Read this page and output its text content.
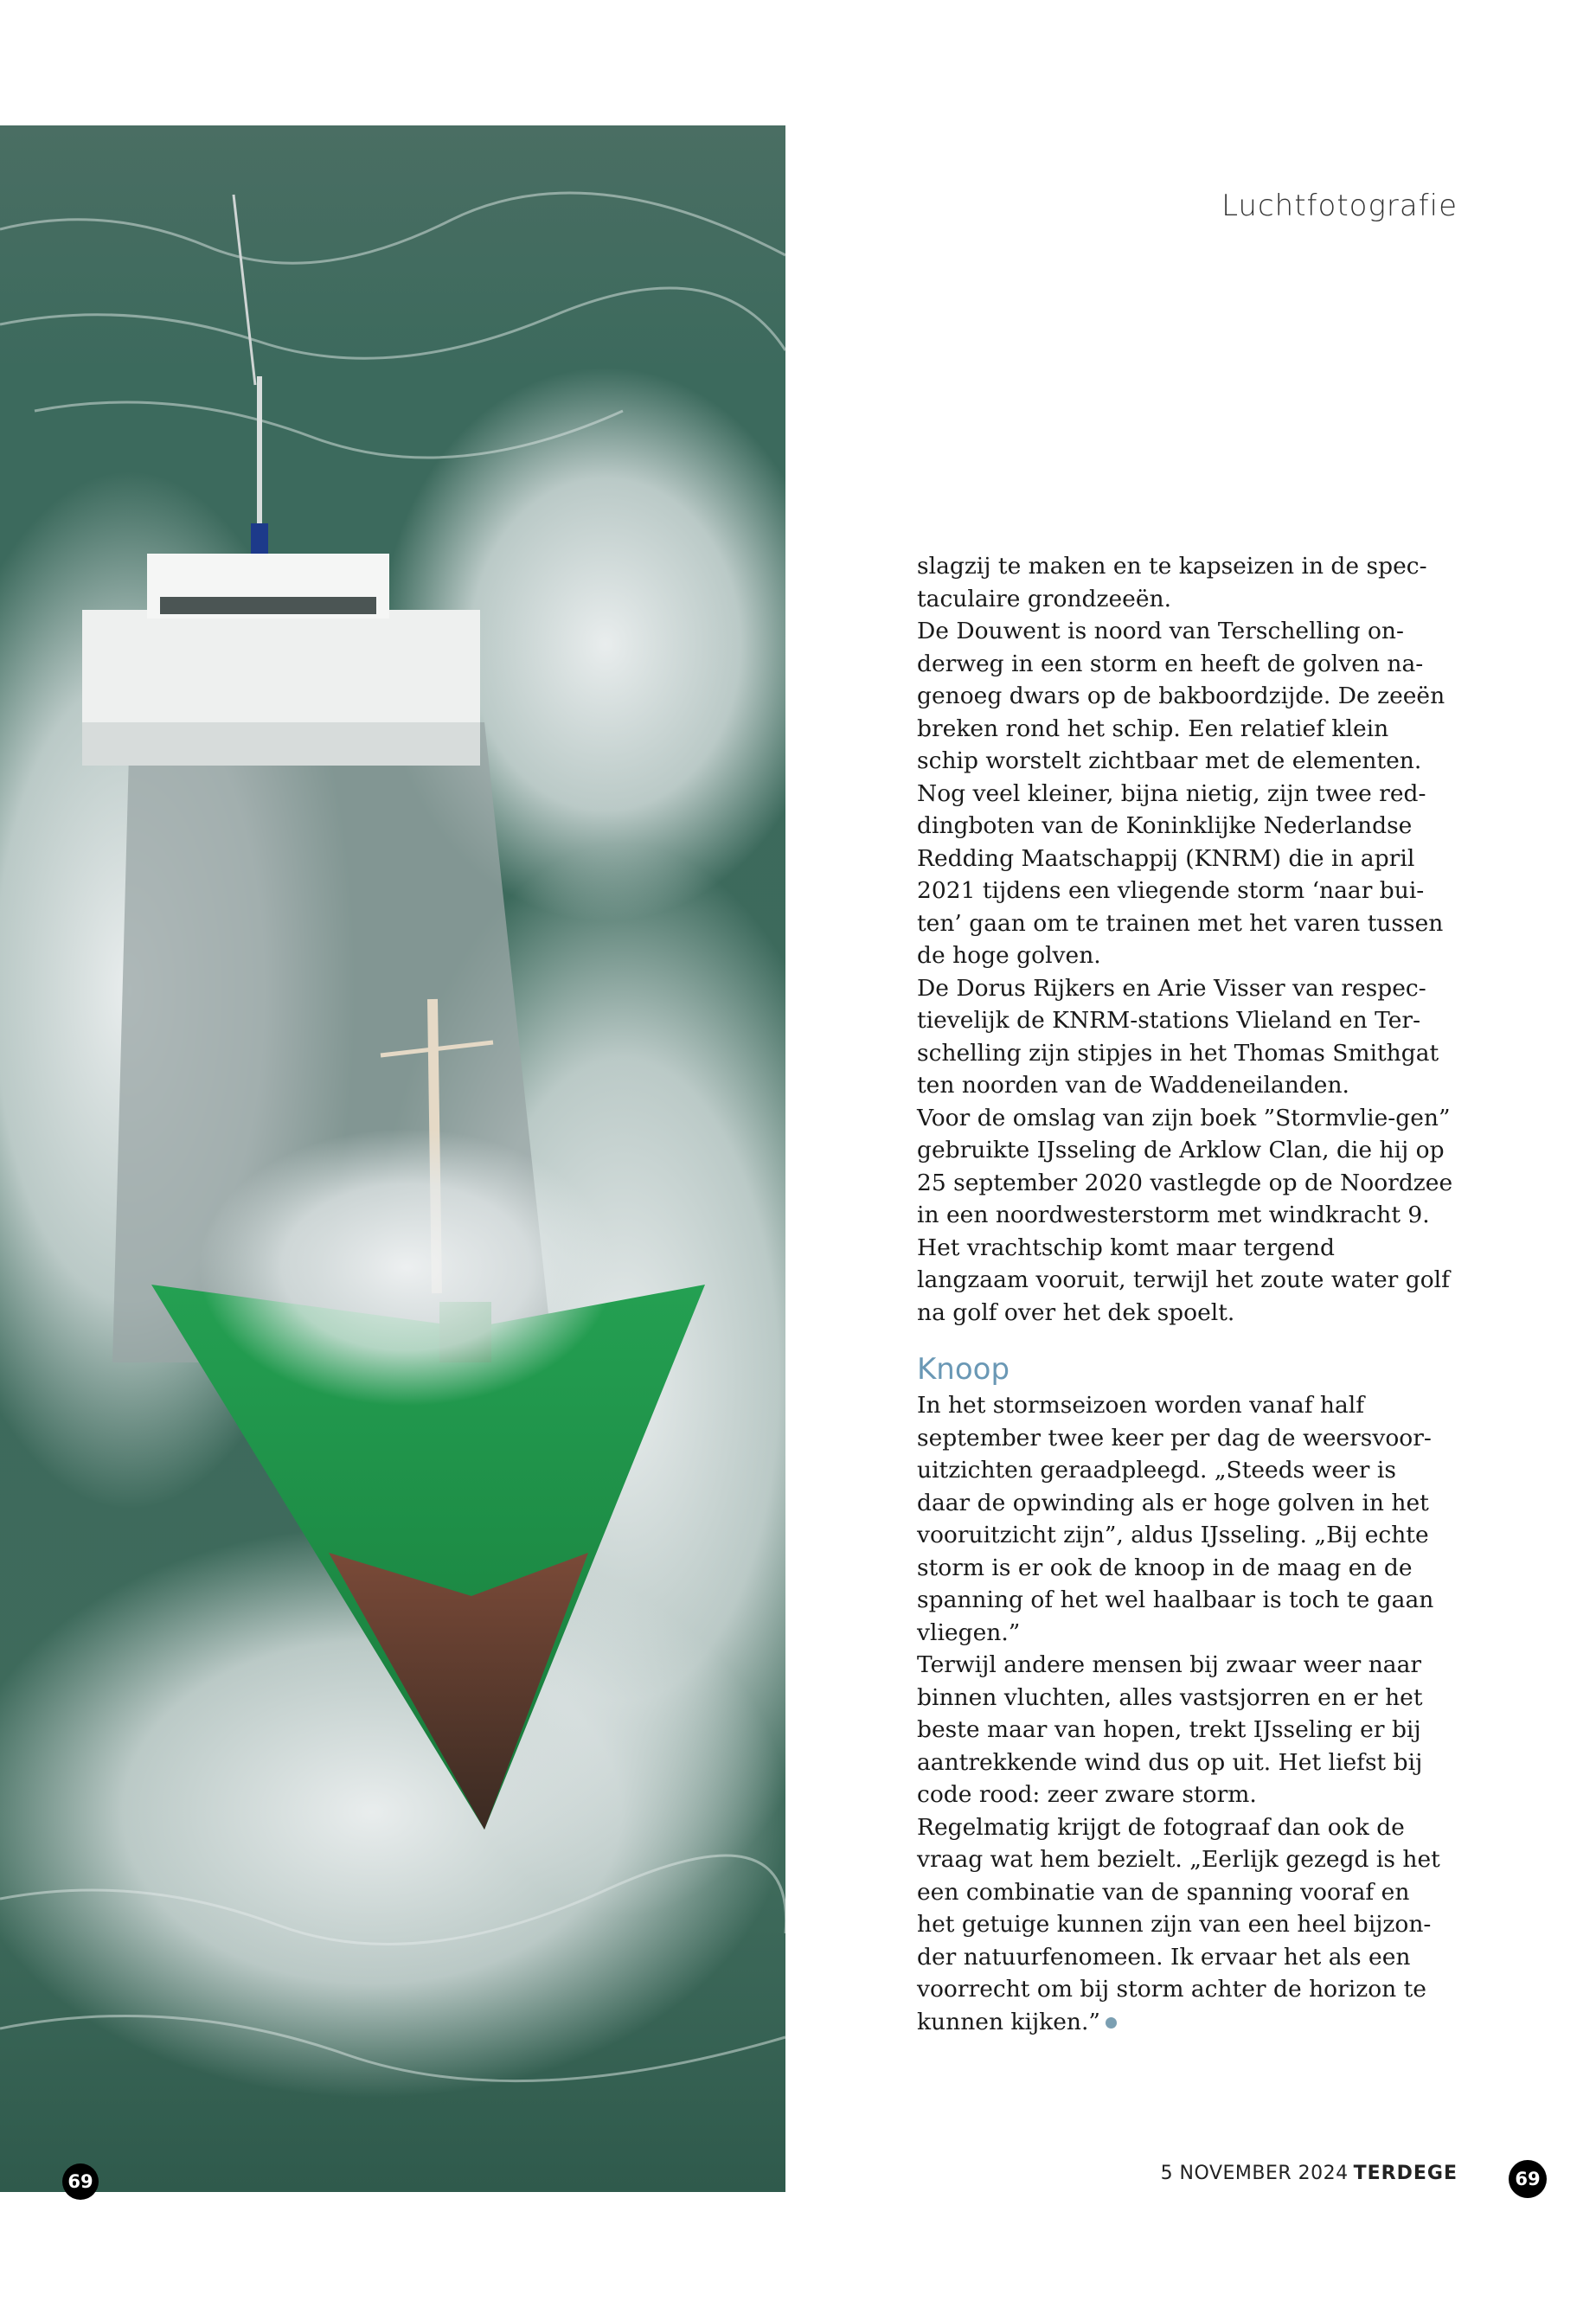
Luchtfotografie

slagzij te maken en te kapseizen in de spec-taculaire grondzeeën.

De Douwent is noord van Terschelling on-derweg in een storm en heeft de golven na-genoeg dwars op de bakboordzijde. De zeeën breken rond het schip. Een relatief klein schip worstelt zichtbaar met de elementen. Nog veel kleiner, bijna nietig, zijn twee red-dingboten van de Koninklijke Nederlandse Redding Maatschappij (KNRM) die in april 2021 tijdens een vliegende storm ‘naar bui-ten’ gaan om te trainen met het varen tussen de hoge golven.

De Dorus Rijkers en Arie Visser van respec-tievelijk de KNRM-stations Vlieland en Ter-schelling zijn stipjes in het Thomas Smithgat ten noorden van de Waddeneilanden.

Voor de omslag van zijn boek ”Stormvlie-gen” gebruikte IJsseling de Arklow Clan, die hij op 25 september 2020 vastlegde op de Noordzee in een noordwesterstorm met windkracht 9. Het vrachtschip komt maar tergend langzaam vooruit, terwijl het zoute water golf na golf over het dek spoelt.

Knoop

In het stormseizoen worden vanaf half september twee keer per dag de weersvoor-uitzichten geraadpleegd. „Steeds weer is daar de opwinding als er hoge golven in het vooruitzicht zijn”, aldus IJsseling. „Bij echte storm is er ook de knoop in de maag en de spanning of het wel haalbaar is toch te gaan vliegen.”

Terwijl andere mensen bij zwaar weer naar binnen vluchten, alles vastsjorren en er het beste maar van hopen, trekt IJsseling er bij aantrekkende wind dus op uit. Het liefst bij code rood: zeer zware storm.

Regelmatig krijgt de fotograaf dan ook de vraag wat hem bezielt. „Eerlijk gezegd is het een combinatie van de spanning vooraf en het getuige kunnen zijn van een heel bijzon-der natuurfenomeen. Ik ervaar het als een voorrecht om bij storm achter de horizon te kunnen kijken.”

69	5 NOVEMBER 2024 TERDEGE	69
